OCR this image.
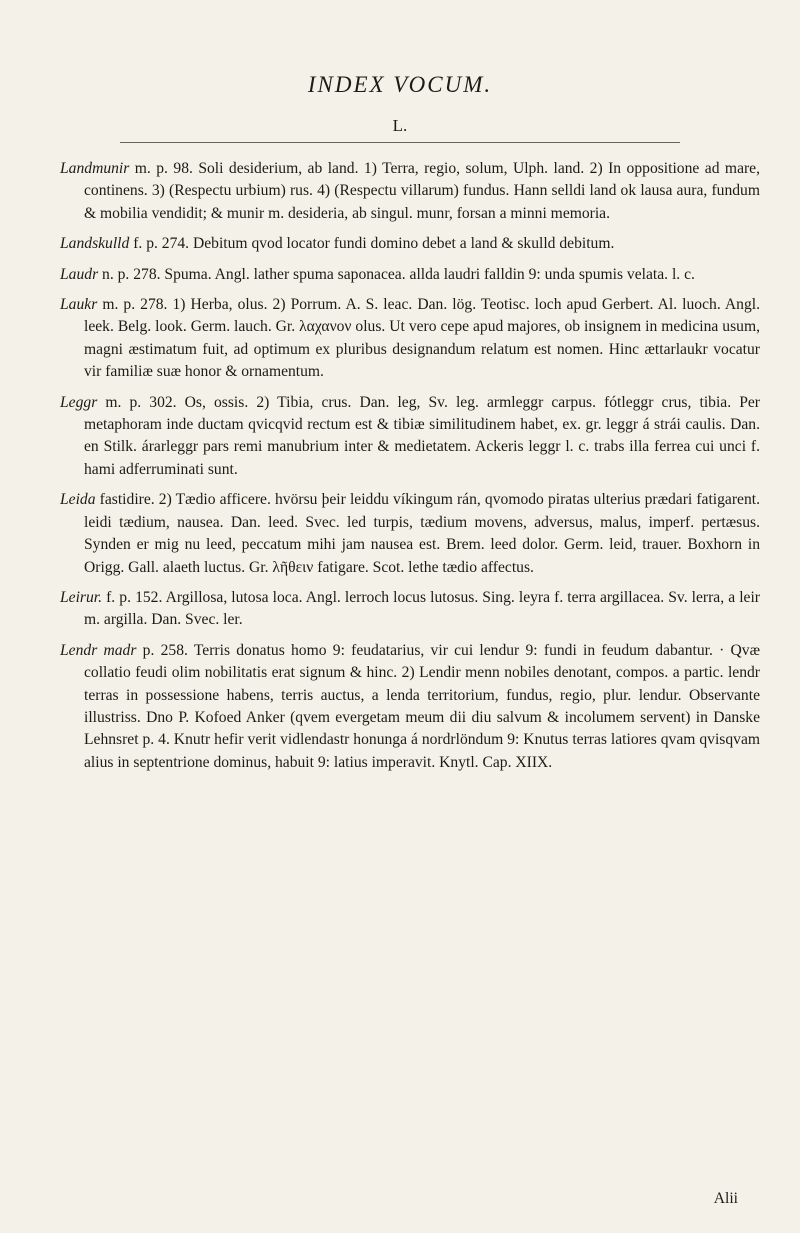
INDEX VOCUM.
L.

Landmunir m. p. 98. Soli desiderium, ab land. 1) Terra, regio, solum, Ulph. land. 2) In oppositione ad mare, continens. 3) (Respectu urbium) rus. 4) (Respectu villarum) fundus. Hann selldi land ok lausa aura, fundum & mobilia vendidit; & munir m. desideria, ab singul. munr, forsan a minni memoria.

Landskulld f. p. 274. Debitum qvod locator fundi domino debet a land & skulld debitum.

Laudr n. p. 278. Spuma. Angl. lather spuma saponacea. allda laudri falldin 9: unda spumis velata. l. c.

Laukr m. p. 278. 1) Herba, olus. 2) Porrum. A. S. leac. Dan. lög. Teotisc. loch apud Gerbert. Al. luoch. Angl. leek. Belg. look. Germ. lauch. Gr. λαχανον olus. Ut vero cepe apud majores, ob insignem in medicina usum, magni æstimatum fuit, ad optimum ex pluribus designandum relatum est nomen. Hinc ættarlaukr vocatur vir familiæ suæ honor & ornamentum.

Leggr m. p. 302. Os, ossis. 2) Tibia, crus. Dan. leg, Sv. leg. armleggr carpus. fótleggr crus, tibia. Per metaphoram inde ductam qvicqvid rectum est & tibiæ similitudinem habet, ex. gr. leggr á strái caulis. Dan. en Stilk. árarleggr pars remi manubrium inter & medietatem. Ackeris leggr l. c. trabs illa ferrea cui unci f. hami adferruminati sunt.

Leida fastidire. 2) Tædio afficere. hvörsu þeir leiddu víkingum rán, qvomodo piratas ulterius prædari fatigarent. leidi tædium, nausea. Dan. leed. Svec. led turpis, tædium movens, adversus, malus, imperf. pertæsus. Synden er mig nu leed, peccatum mihi jam nausea est. Brem. leed dolor. Germ. leid, trauer. Boxhorn in Origg. Gall. alaeth luctus. Gr. λῆθειν fatigare. Scot. lethe tædio affectus.

Leirur. f. p. 152. Argillosa, lutosa loca. Angl. lerroch locus lutosus. Sing. leyra f. terra argillacea. Sv. lerra, a leir m. argilla. Dan. Svec. ler.

Lendr madr p. 258. Terris donatus homo 9: feudatarius, vir cui lendur 9: fundi in feudum dabantur. · Qvæ collatio feudi olim nobilitatis erat signum & hinc. 2) Lendir menn nobiles denotant, compos. a partic. lendr terras in possessione habens, terris auctus, a lenda territorium, fundus, regio, plur. lendur. Observante illustriss. Dno P. Kofoed Anker (qvem evergetam meum dii diu salvum & incolumem servent) in Danske Lehnsret p. 4. Knutr hefir verit vidlendastr honunga á nordrlöndum 9: Knutus terras latiores qvam qvisqvam alius in septentrione dominus, habuit 9: latius imperavit. Knytl. Cap. XIIX.

Alii
